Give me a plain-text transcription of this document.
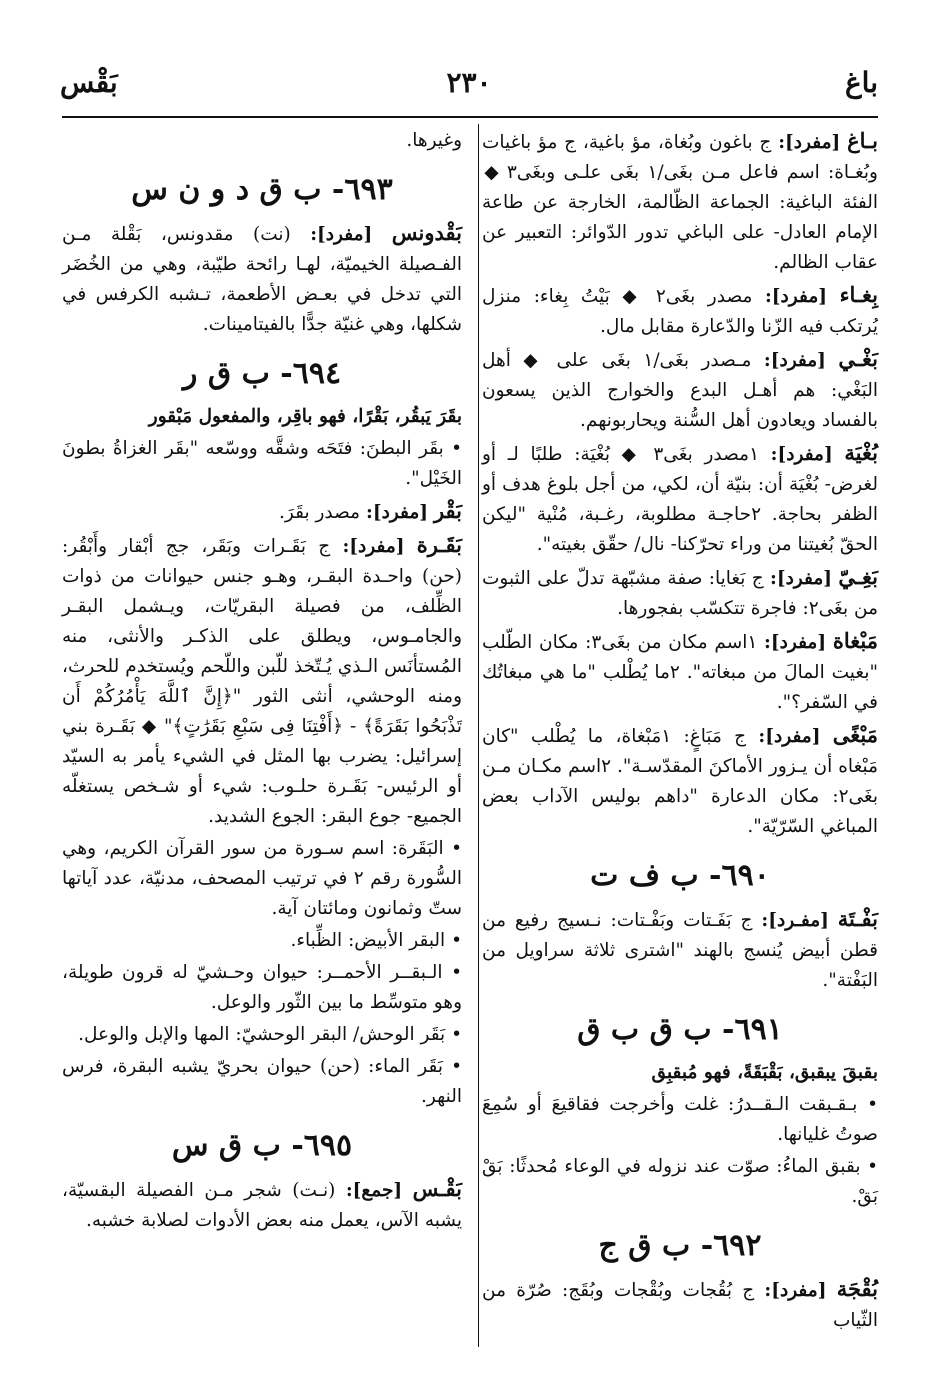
باغ
٢٣٠
بَقْس

بـاغ [مفرد]: ج باغون وبُغاة، مؤ باغية، ج مؤ باغيات وبُغـاة: اسم فاعل مـن بغَى/١ بغَى علـى وبغَى٣ ◆ الفئة الباغية: الجماعة الظّالمة، الخارجة عن طاعة الإمام العادل- على الباغي تدور الدّوائر: التعبير عن عقاب الظالم.

بِغـاء [مفرد]: مصدر بغَى٢ ◆ بَيْتُ بِغاء: منزل يُرتكب فيه الزّنا والدّعارة مقابل مال.

بَغْـي [مفرد]: مـصدر بغَى/١ بغَى على ◆ أهل البَغْي: هم أهـل البدع والخوارج الذين يسعون بالفساد ويعادون أهل السُّنة ويحاربونهم.

بُغْيَة [مفرد]: ١مصدر بغَى٣ ◆ بُغْيَة: طلبًا لـ أو لغرض- بُغْيَة أن: بنيّة أن، لكي، من أجل بلوغ هدف أو الظفر بحاجة. ٢حاجـة مطلوبة، رغـبة، مُنْية "ليكن الحقّ بُغيتنا من وراء تحرّكنا- نال/ حقّق بغيته".

بَغِـيّ [مفرد]: ج بَغايا: صفة مشبّهة تدلّ على الثبوت من بغَى٢: فاجرة تتكسّب بفجورها.

مَبْغاة [مفرد]: ١اسم مكان من بغَى٣: مكان الطّلب "بغيت المالَ من مبغاته". ٢ما يُطْلب "ما هي مبغاتُك في السّفر؟".

مَبْغًى [مفرد]: ج مَبَاغٍ: ١مَبْغاة، ما يُطْلب "كان مَبْغاه أن يـزور الأماكنَ المقدّسـة". ٢اسم مكـان مـن بغَى٢: مكان الدعارة "داهم بوليس الآداب بعض المباغي السّرّيّة".

٦٩٠- ب ف ت

بَفْـتَة [مفـرد]: ج بَفَـتات وبَفْـتات: نـسيج رفيع من قطن أبيض يُنسج بالهند "اشترى ثلاثة سراويل من البَفْتة".

٦٩١- ب ق ب ق

بقبقَ يبقبق، بَقْبَقَةً، فهو مُبقبِق

• بـقـبقت الـقــدرُ: غلت وأخرجت فقاقيعَ أو سُمِعَ صوتُ غليانها.

• بقبق الماءُ: صوّت عند نزوله في الوعاء مُحدثًا: بَقْ بَقْ.

٦٩٢- ب ق ج

بُقْجَة [مفرد]: ج بُقُجات وبُقْجات وبُقَج: صُرّة من الثّياب

وغيرها.

٦٩٣- ب ق د و ن س

بَقْدونس [مفرد]: (نت) مقدونس، بَقْلة مـن الفـصيلة الخيميّة، لهـا رائحة طيّبة، وهي من الخُضَر التي تدخل في بعـض الأطعمة، تـشبه الكرفس في شكلها، وهي غنيّة جدًّا بالفيتامينات.

٦٩٤- ب ق ر

بقَرَ يَبقُر، بَقْرًا، فهو باقِر، والمفعول مَبْقور

• بقَر البطنَ: فتَحَه وشقَّه ووسّعه "بقَر الغزاةُ بطونَ الخَيْل".

بَقْر [مفرد]: مصدر بقَرَ.

بَقَـرة [مفرد]: ج بَقَـرات وبَقَر، جج أبْقار وأَبْقُر: (حن) واحـدة البقـر، وهـو جنس حيوانات من ذوات الظِّلف، من فصيلة البقريّات، ويـشمل البقـر والجامـوس، ويطلق على الذكـر والأنثى، منه المُستأنَس الـذي يُـتّخذ للّبن واللّحم ويُستخدم للحرث، ومنه الوحشي، أنثى الثور "﴿إِنَّ ٱللَّهَ يَأْمُرُكُمْ أَن تَذْبَحُوا بَقَرَةً﴾ - ﴿أَفْتِنَا فِى سَبْعِ بَقَرَٰتٍ﴾" ◆ بَقَـرة بني إسرائيل: يضرب بها المثل في الشيء يأمر به السيّد أو الرئيس- بَقَـرة حلـوب: شيء أو شـخص يستغلّه الجميع- جوع البقر: الجوع الشديد.

• البَقَرة: اسم سـورة من سور القرآن الكريم، وهي السُّورة رقم ٢ في ترتيب المصحف، مدنيّة، عدد آياتها ستّ وثمانون ومائتان آية.

• البقر الأبيض: الظِّباء.

• الـبقــر الأحمــر: حيوان وحـشيّ له قرون طويلة، وهو متوسِّط ما بين الثّور والوعل.

• بَقَر الوحش/ البقر الوحشيّ: المها والإبل والوعل.

• بَقَر الماء: (حن) حيوان بحريّ يشبه البقرة، فرس النهر.

٦٩٥- ب ق س

بَقْـس [جمع]: (نـت) شجر مـن الفصيلة البقسيّة، يشبه الآس، يعمل منه بعض الأدوات لصلابة خشبه.
